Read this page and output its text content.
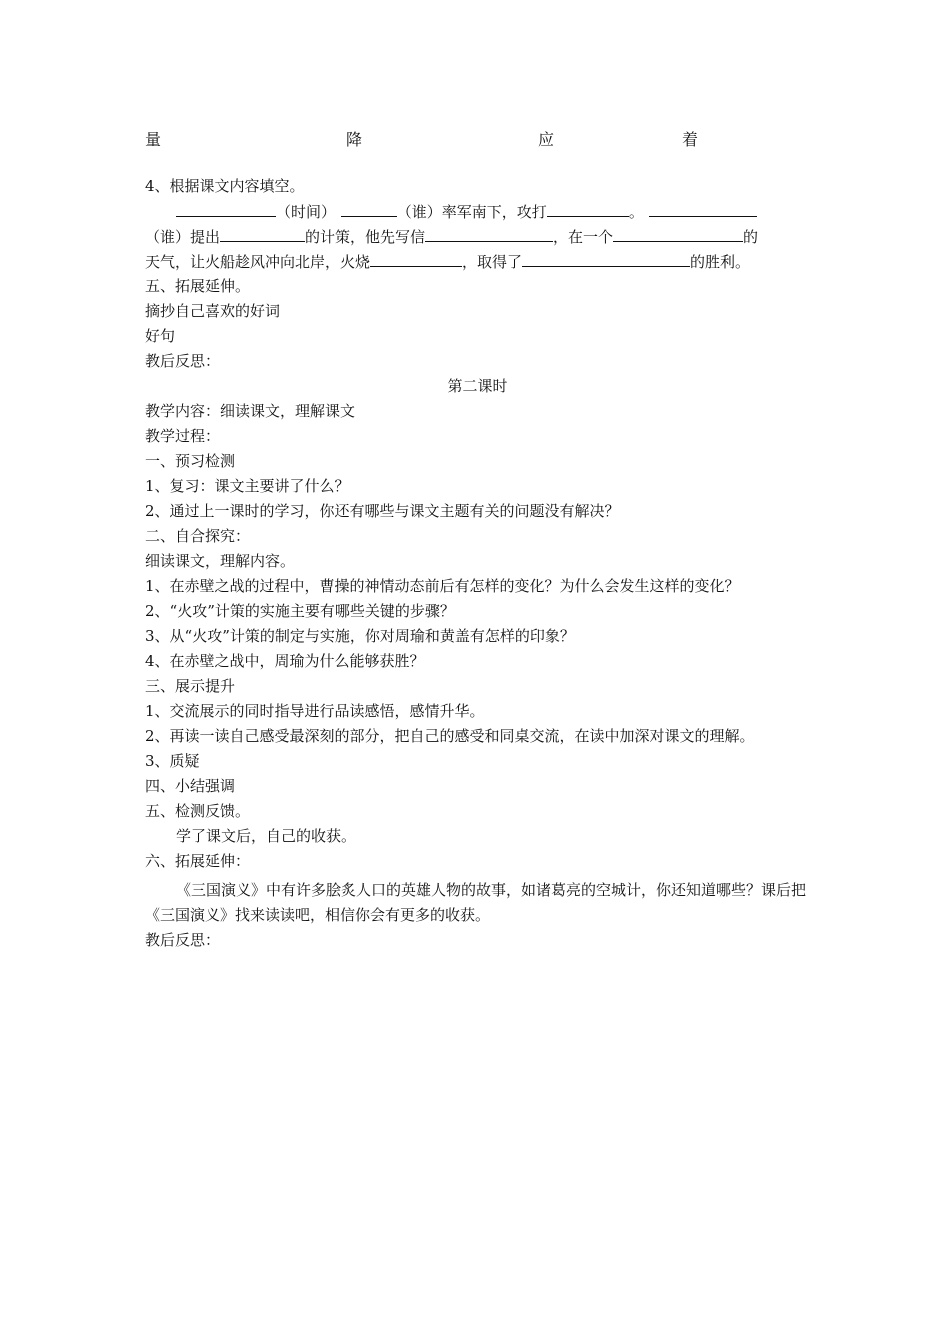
量	降	应	着
4、根据课文内容填空。
（时间）	（谁）率军南下，攻打	。
（谁）提出	的计策，他先写信	，在一个	的
天气，让火船趁风冲向北岸，火烧	，取得了	的胜利。
五、拓展延伸。
摘抄自己喜欢的好词
好句
教后反思：
第二课时
教学内容：细读课文，理解课文
教学过程：
一、预习检测
1、复习：课文主要讲了什么？
2、通过上一课时的学习，你还有哪些与课文主题有关的问题没有解决？
二、自合探究：
细读课文，理解内容。
1、在赤壁之战的过程中，曹操的神情动态前后有怎样的变化？为什么会发生这样的变化？
2、“火攻”计策的实施主要有哪些关键的步骤？
3、从“火攻”计策的制定与实施，你对周瑜和黄盖有怎样的印象？
4、在赤壁之战中，周瑜为什么能够获胜？
三、展示提升
1、交流展示的同时指导进行品读感悟，感情升华。
2、再读一读自己感受最深刻的部分，把自己的感受和同桌交流，在读中加深对课文的理解。
3、质疑
四、小结强调
五、检测反馈。
学了课文后，自己的收获。
六、拓展延伸：
《三国演义》中有许多脍炙人口的英雄人物的故事，如诸葛亮的空城计，你还知道哪些？课后把《三国演义》找来读读吧，相信你会有更多的收获。
教后反思：
